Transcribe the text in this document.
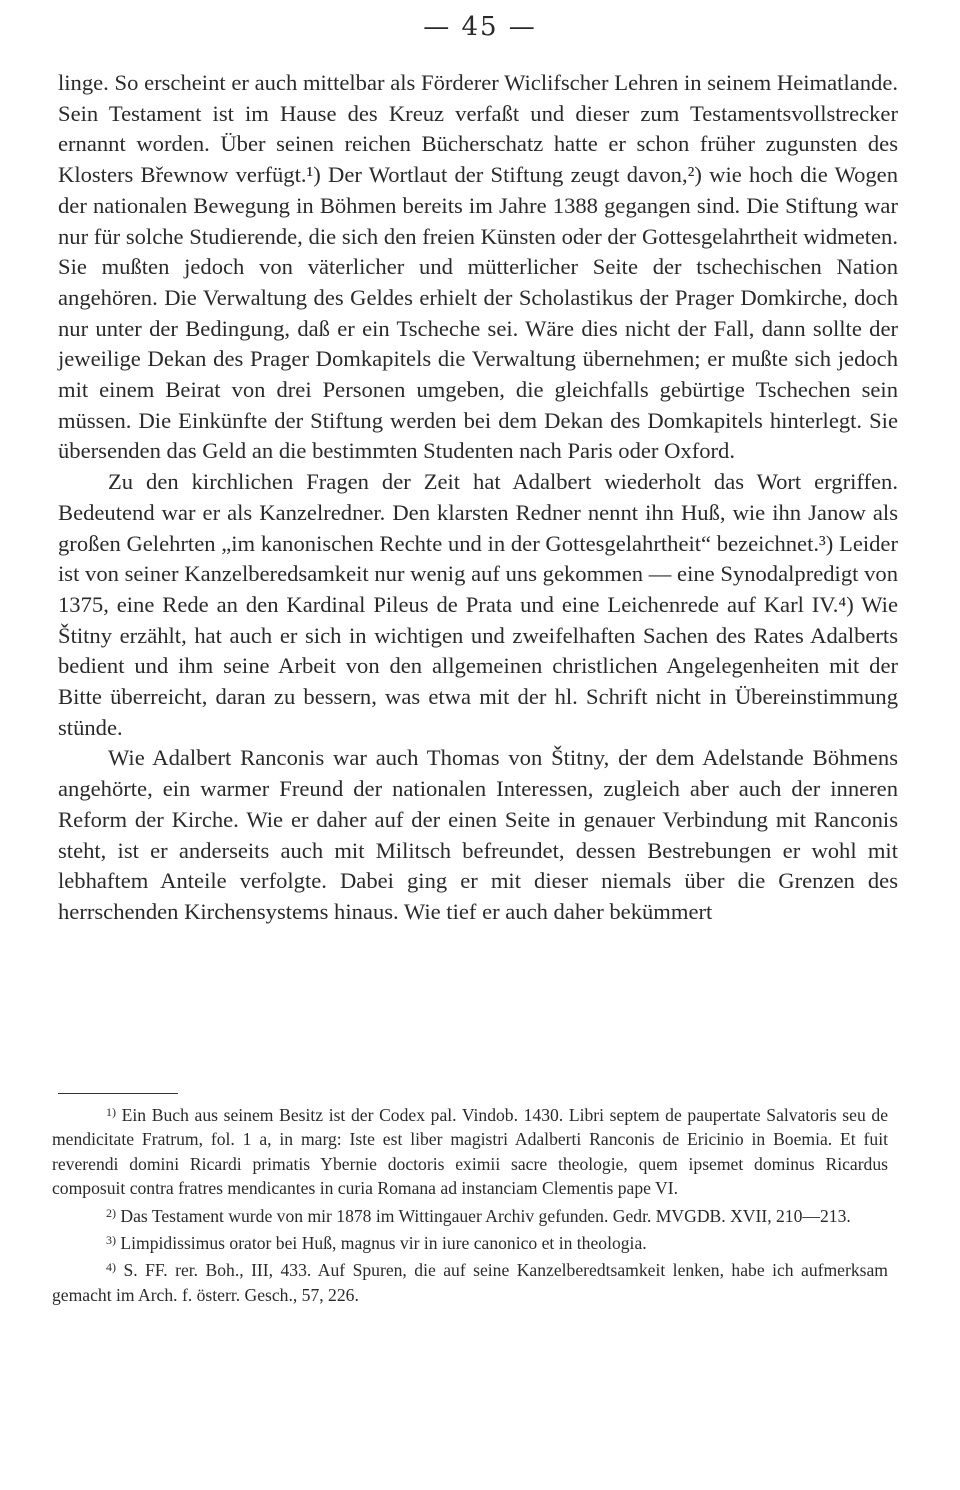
— 45 —

linge. So erscheint er auch mittelbar als Förderer Wiclifscher Lehren in seinem Heimatlande. Sein Testament ist im Hause des Kreuz verfaßt und dieser zum Testamentsvollstrecker ernannt worden. Über seinen reichen Bücherschatz hatte er schon früher zugunsten des Klosters Břewnow verfügt.¹) Der Wortlaut der Stiftung zeugt davon,²) wie hoch die Wogen der nationalen Bewegung in Böhmen bereits im Jahre 1388 gegangen sind. Die Stiftung war nur für solche Studierende, die sich den freien Künsten oder der Gottesgelahrtheit widmeten. Sie mußten jedoch von väterlicher und mütterlicher Seite der tschechischen Nation angehören. Die Verwaltung des Geldes erhielt der Scholastikus der Prager Domkirche, doch nur unter der Bedingung, daß er ein Tscheche sei. Wäre dies nicht der Fall, dann sollte der jeweilige Dekan des Prager Domkapitels die Verwaltung übernehmen; er mußte sich jedoch mit einem Beirat von drei Personen umgeben, die gleichfalls gebürtige Tschechen sein müssen. Die Einkünfte der Stiftung werden bei dem Dekan des Domkapitels hinterlegt. Sie übersenden das Geld an die bestimmten Studenten nach Paris oder Oxford.

Zu den kirchlichen Fragen der Zeit hat Adalbert wiederholt das Wort ergriffen. Bedeutend war er als Kanzelredner. Den klarsten Redner nennt ihn Huß, wie ihn Janow als großen Gelehrten „im kanonischen Rechte und in der Gottesgelahrtheit“ bezeichnet.³) Leider ist von seiner Kanzelberedsamkeit nur wenig auf uns gekommen — eine Synodalpredigt von 1375, eine Rede an den Kardinal Pileus de Prata und eine Leichenrede auf Karl IV.⁴) Wie Štitny erzählt, hat auch er sich in wichtigen und zweifelhaften Sachen des Rates Adalberts bedient und ihm seine Arbeit von den allgemeinen christlichen Angelegenheiten mit der Bitte überreicht, daran zu bessern, was etwa mit der hl. Schrift nicht in Übereinstimmung stünde.

Wie Adalbert Ranconis war auch Thomas von Štitny, der dem Adelstande Böhmens angehörte, ein warmer Freund der nationalen Interessen, zugleich aber auch der inneren Reform der Kirche. Wie er daher auf der einen Seite in genauer Verbindung mit Ranconis steht, ist er anderseits auch mit Militsch befreundet, dessen Bestrebungen er wohl mit lebhaftem Anteile verfolgte. Dabei ging er mit dieser niemals über die Grenzen des herrschenden Kirchensystems hinaus. Wie tief er auch daher bekümmert

$^{1)}$ Ein Buch aus seinem Besitz ist der Codex pal. Vindob. 1430. Libri septem de paupertate Salvatoris seu de mendicitate Fratrum, fol. 1 a, in marg: Iste est liber magistri Adalberti Ranconis de Ericinio in Boemia. Et fuit reverendi domini Ricardi primatis Ybernie doctoris eximii sacre theologie, quem ipsemet dominus Ricardus composuit contra fratres mendicantes in curia Romana ad instanciam Clementis pape VI.

$^{2)}$ Das Testament wurde von mir 1878 im Wittingauer Archiv gefunden. Gedr. MVGDB. XVII, 210—213.

$^{3)}$ Limpidissimus orator bei Huß, magnus vir in iure canonico et in theologia.

$^{4)}$ S. FF. rer. Boh., III, 433. Auf Spuren, die auf seine Kanzelberedtsamkeit lenken, habe ich aufmerksam gemacht im Arch. f. österr. Gesch., 57, 226.
